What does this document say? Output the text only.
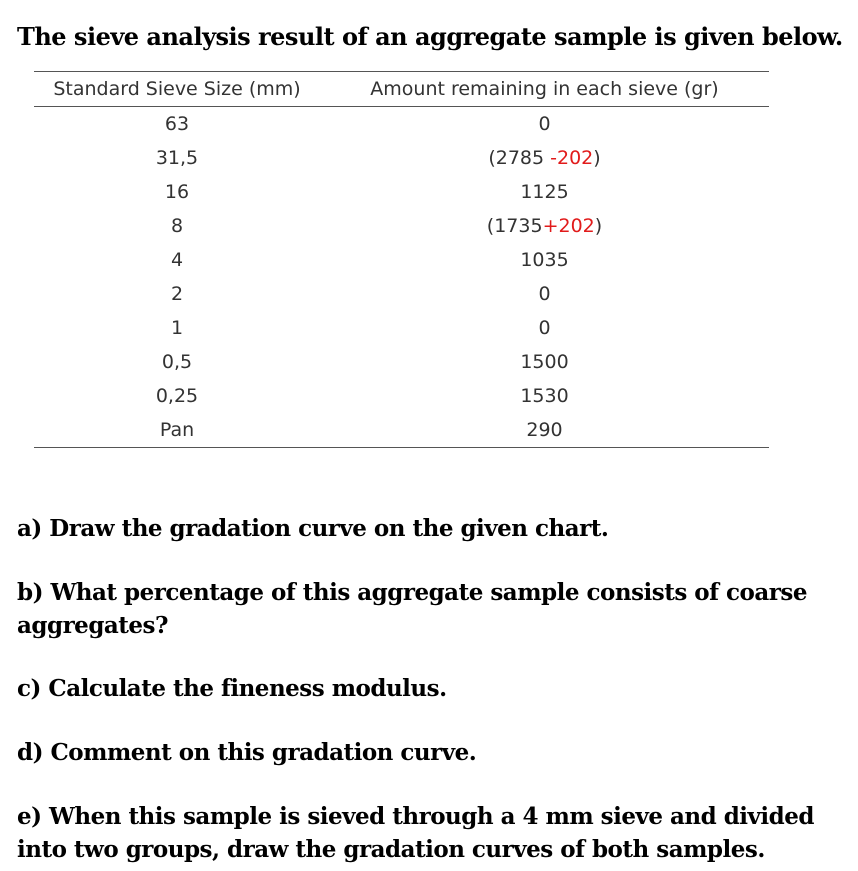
The sieve analysis result of an aggregate sample is given below.
Standard Sieve Size (mm)	Amount remaining in each sieve (gr)
63	0
31,5	(2785 -202)
16	1125
8	(1735+202)
4	1035
2	0
1	0
0,5	1500
0,25	1530
Pan	290

a) Draw the gradation curve on the given chart.

b) What percentage of this aggregate sample consists of coarse aggregates?

c) Calculate the fineness modulus.

d) Comment on this gradation curve.

e) When this sample is sieved through a 4 mm sieve and divided into two groups, draw the gradation curves of both samples.
